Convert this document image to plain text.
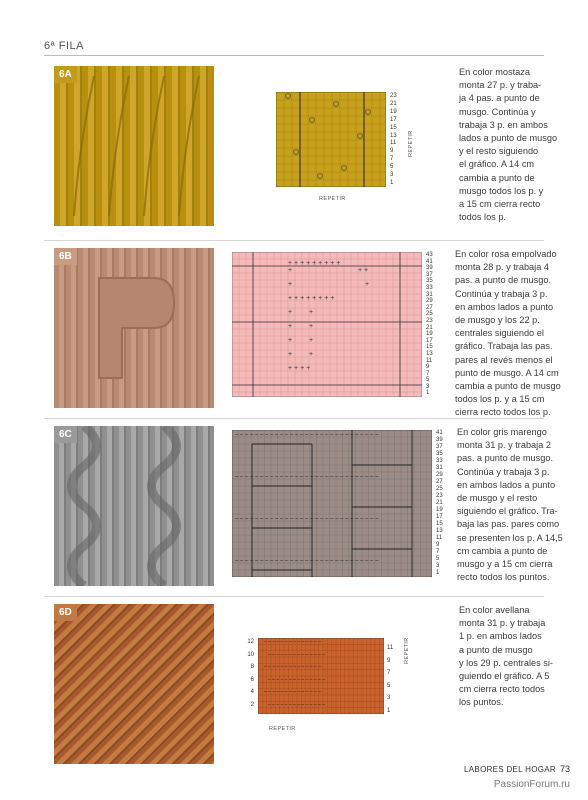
6ª FILA
6A
23
21
19
17
15
13
11
9
7
5
3
1
REPETIR
REPETIR
En color mostaza
monta 27 p. y traba-
ja 4 pas. a punto de
musgo. Continúa y
trabaja 3 p. en ambos
lados a punto de musgo
y el resto siguiendo
el gráfico. A 14 cm
cambia a punto de
musgo todos los p. y
a 15 cm cierra recto
todos los p.
6B
+ + + + + + + + +
+	+ +
+	+
+ + + + + + + +
+ +
+ +
+ +
+ +
+ + + +
43
41
39
37
35
33
31
29
27
25
23
21
19
17
15
13
11
9
7
5
3
1
En color rosa empolvado
monta 28 p. y trabaja 4
pas. a punto de musgo.
Continúa y trabaja 3 p.
en ambos lados a punto
de musgo y los 22 p.
centrales siguiendo el
gráfico. Trabaja las pas.
pares al revés menos el
punto de musgo. A 14 cm
cambia a punto de musgo
todos los p. y a 15 cm
cierra recto todos los p.
6C	– – – – – – – – – – – – – – – – – – – – – – – – – – – – –
– – – – – – – – – – – – – – – – – – – – – – – – – – – – –
– – – – – – – – – – – – – – – – – – – – – – – – – – – – –
– – – – – – – – – – – – – – – – – – – – – – – – – – – – –
41
39
37
35
33
31
29
27
25
23
21
19
17
15
13
11
9
7
5
3
1
En color gris marengo
monta 31 p. y trabaja 2
pas. a punto de musgo.
Continúa y trabaja 3 p.
en ambos lados a punto
de musgo y el resto
siguiendo el gráfico. Tra-
baja las pas. pares como
se presenten los p. A 14,5
cm cambia a punto de
musgo y a 15 cm cierra
recto todos los puntos.
6D
– – – – – – – – – – – – – –
– – – – – – – – – – – – – –
– – – – – – – – – – – – – –
– – – – – – – – – – – – – –
– – – – – – – – – – – – – –
– – – – – – – – – – – – – –
12
10
8
6
4
2
11
9
7
5
3
1
REPETIR
REPETIR
En color avellana
monta 31 p. y trabaja
1 p. en ambos lados
a punto de musgo
y los 29 p. centrales si-
guiendo el gráfico. A 5
cm cierra recto todos
los puntos.
LABORES DEL HOGAR 73
PassionForum.ru
